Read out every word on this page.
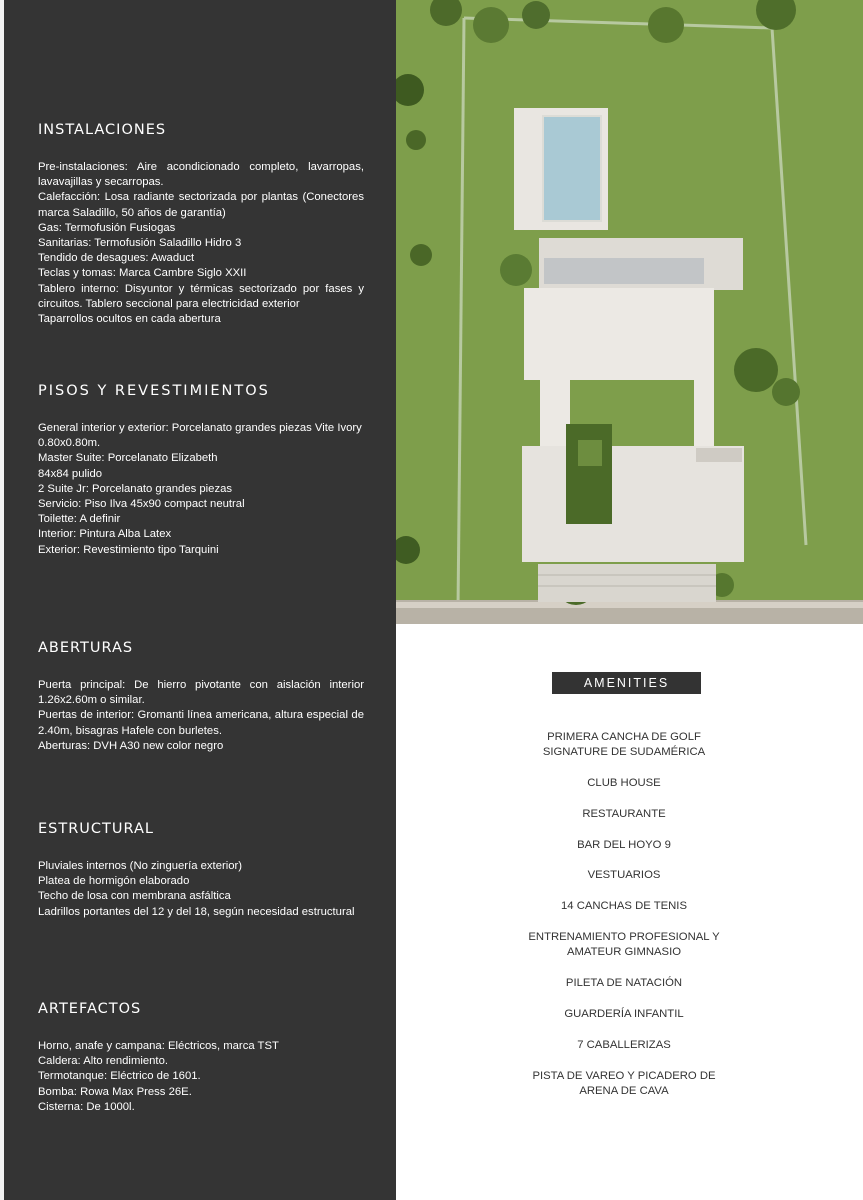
INSTALACIONES

Pre-instalaciones: Aire acondicionado completo, lavarropas, lavavajillas y secarropas.

Calefacción: Losa radiante sectorizada por plantas (Conectores marca Saladillo, 50 años de garantía)

Gas: Termofusión Fusiogas

Sanitarias: Termofusión Saladillo Hidro 3

Tendido de desagues: Awaduct

Teclas y tomas: Marca Cambre Siglo XXII

Tablero interno: Disyuntor y térmicas sectorizado por fases y circuitos. Tablero seccional para electricidad exterior

Taparrollos ocultos en cada abertura

PISOS Y REVESTIMIENTOS

General interior y exterior: Porcelanato grandes piezas Vite Ivory

0.80x0.80m.

Master Suite: Porcelanato Elizabeth

84x84 pulido

2 Suite Jr: Porcelanato grandes piezas

Servicio: Piso Ilva 45x90 compact neutral

Toilette: A definir

Interior: Pintura Alba Latex

Exterior: Revestimiento tipo Tarquini

ABERTURAS

Puerta principal: De hierro pivotante con aislación interior 1.26x2.60m o similar.

Puertas de interior: Gromanti línea americana, altura especial de 2.40m, bisagras Hafele con burletes.

Aberturas: DVH A30 new color negro

ESTRUCTURAL

Pluviales internos (No zinguería exterior)

Platea de hormigón elaborado

Techo de losa con membrana asfáltica

Ladrillos portantes del 12 y del 18, según necesidad estructural

ARTEFACTOS

Horno, anafe y campana: Eléctricos, marca TST

Caldera: Alto rendimiento.

Termotanque: Eléctrico de 1601.

Bomba: Rowa Max Press 26E.

Cisterna: De 1000l.

AMENITIES
PRIMERA CANCHA DE GOLF SIGNATURE DE SUDAMÉRICA
CLUB HOUSE
RESTAURANTE
BAR DEL HOYO 9
VESTUARIOS
14 CANCHAS DE TENIS
ENTRENAMIENTO PROFESIONAL Y AMATEUR GIMNASIO
PILETA DE NATACIÓN
GUARDERÍA INFANTIL
7 CABALLERIZAS
PISTA DE VAREO Y PICADERO DE ARENA DE CAVA
